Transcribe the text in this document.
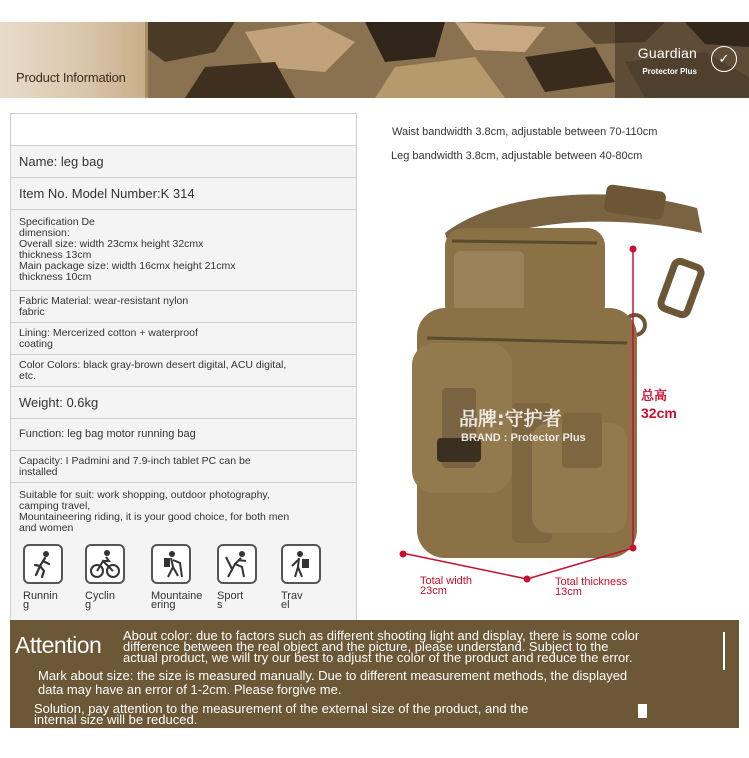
Product Information
Guardian
Protector Plus
✓
Name: leg bag
Item No. Model Number:K 314
Specification De
dimension:
Overall size: width 23cmx height 32cmx
thickness 13cm
Main package size: width 16cmx height 21cmx
thickness 10cm
Fabric Material: wear-resistant nylon
fabric
Lining: Mercerized cotton + waterproof
coating
Color Colors: black gray-brown desert digital, ACU digital,
etc.
Weight: 0.6kg
Function: leg bag motor running bag
Capacity: I Padmini and 7.9-inch tablet PC can be
installed
Suitable for suit: work shopping, outdoor photography,
camping travel,
Mountaineering riding, it is your good choice, for both men
and women
Runnin
g
Cyclin
g
Mountaine
ering
Sport
s
Trav
el
Waist bandwidth 3.8cm, adjustable between 70-110cm
Leg bandwidth 3.8cm, adjustable between 40-80cm
品牌:守护者
BRAND : Protector Plus
总高
32cm
Total width
23cm
Total thickness
13cm
Attention About color: due to factors such as different shooting light and display, there is some color
difference between the real object and the picture, please understand. Subject to the
actual product, we will try our best to adjust the color of the product and reduce the error.
Mark about size: the size is measured manually. Due to different measurement methods, the displayed
data may have an error of 1-2cm. Please forgive me.
Solution, pay attention to the measurement of the external size of the product, and the
internal size will be reduced.
